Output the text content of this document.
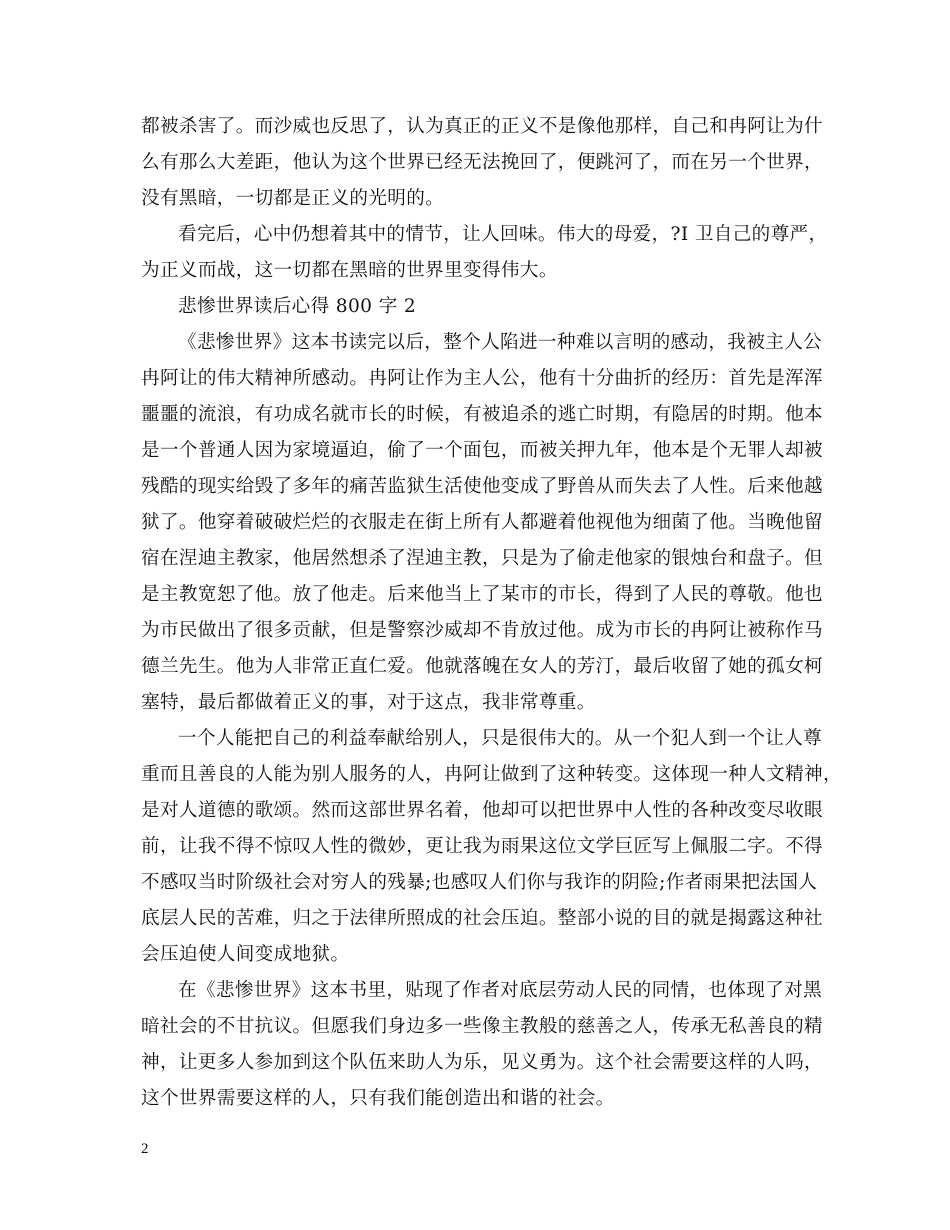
都被杀害了。而沙威也反思了，认为真正的正义不是像他那样，自己和冉阿让为什
么有那么大差距，他认为这个世界已经无法挽回了，便跳河了，而在另一个世界，
没有黑暗，一切都是正义的光明的。
看完后，心中仍想着其中的情节，让人回味。伟大的母爱，?I 卫自己的尊严，
为正义而战，这一切都在黑暗的世界里变得伟大。
悲惨世界读后心得 800 字 2
《悲惨世界》这本书读完以后，整个人陷进一种难以言明的感动，我被主人公
冉阿让的伟大精神所感动。冉阿让作为主人公，他有十分曲折的经历：首先是浑浑
噩噩的流浪，有功成名就市长的时候，有被追杀的逃亡时期，有隐居的时期。他本
是一个普通人因为家境逼迫，偷了一个面包，而被关押九年，他本是个无罪人却被
残酷的现实给毁了多年的痛苦监狱生活使他变成了野兽从而失去了人性。后来他越
狱了。他穿着破破烂烂的衣服走在街上所有人都避着他视他为细菌了他。当晚他留
宿在涅迪主教家，他居然想杀了涅迪主教，只是为了偷走他家的银烛台和盘子。但
是主教宽恕了他。放了他走。后来他当上了某市的市长，得到了人民的尊敬。他也
为市民做出了很多贡献，但是警察沙威却不肯放过他。成为市长的冉阿让被称作马
德兰先生。他为人非常正直仁爱。他就落魄在女人的芳汀，最后收留了她的孤女柯
塞特，最后都做着正义的事，对于这点，我非常尊重。
一个人能把自己的利益奉献给别人，只是很伟大的。从一个犯人到一个让人尊
重而且善良的人能为别人服务的人，冉阿让做到了这种转变。这体现一种人文精神，
是对人道德的歌颂。然而这部世界名着，他却可以把世界中人性的各种改变尽收眼
前，让我不得不惊叹人性的微妙，更让我为雨果这位文学巨匠写上佩服二字。不得
不感叹当时阶级社会对穷人的残暴;也感叹人们你与我诈的阴险;作者雨果把法国人
底层人民的苦难，归之于法律所照成的社会压迫。整部小说的目的就是揭露这种社
会压迫使人间变成地狱。
在《悲惨世界》这本书里，贴现了作者对底层劳动人民的同情，也体现了对黑
暗社会的不甘抗议。但愿我们身边多一些像主教般的慈善之人，传承无私善良的精
神，让更多人参加到这个队伍来助人为乐，见义勇为。这个社会需要这样的人吗，
这个世界需要这样的人，只有我们能创造出和谐的社会。
2
